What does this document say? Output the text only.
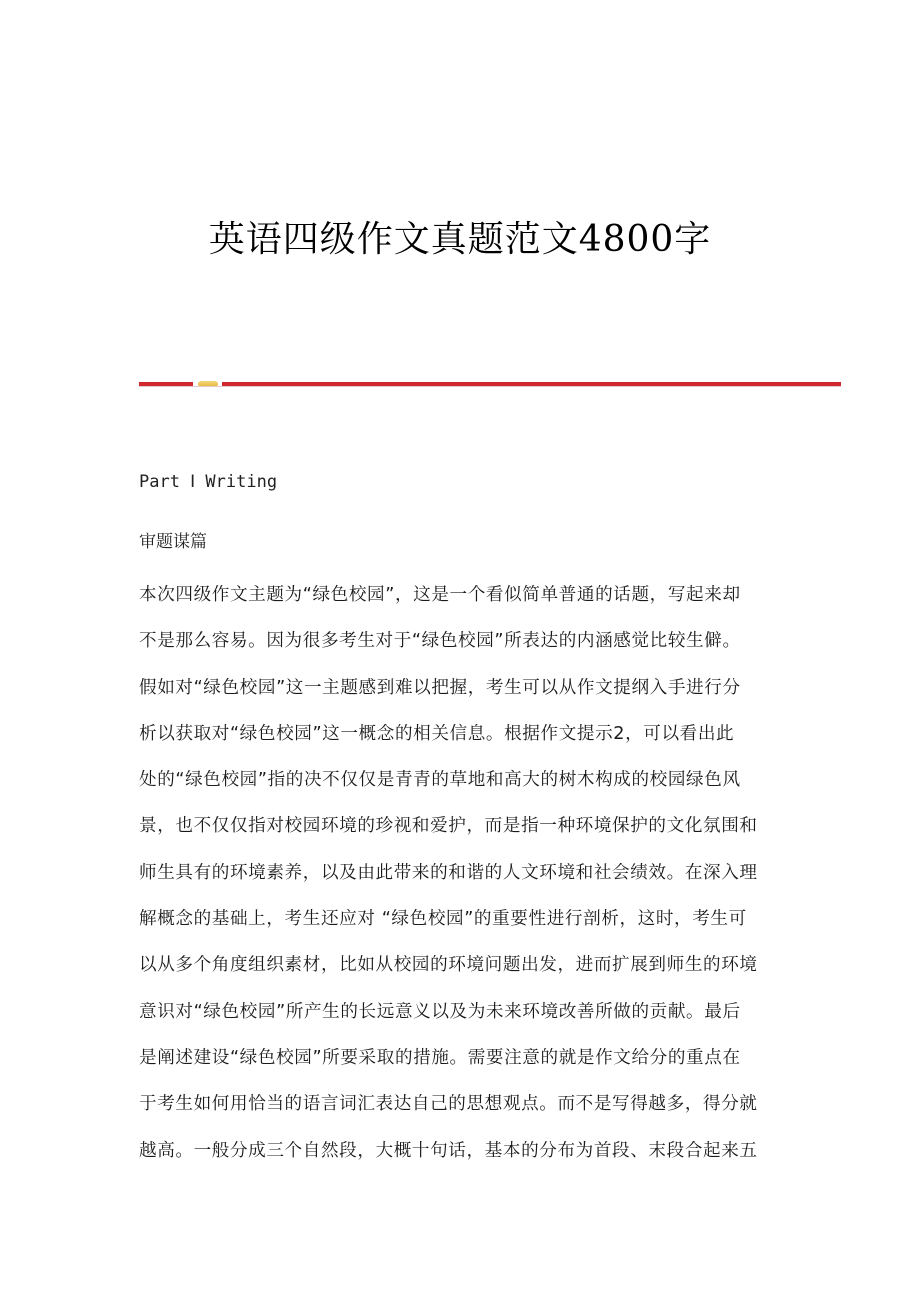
英语四级作文真题范文4800字
Part Ⅰ Writing
审题谋篇
本次四级作文主题为“绿色校园”，这是一个看似简单普通的话题，写起来却
不是那么容易。因为很多考生对于“绿色校园”所表达的内涵感觉比较生僻。
假如对“绿色校园”这一主题感到难以把握，考生可以从作文提纲入手进行分
析以获取对“绿色校园”这一概念的相关信息。根据作文提示2，可以看出此
处的“绿色校园”指的决不仅仅是青青的草地和高大的树木构成的校园绿色风
景，也不仅仅指对校园环境的珍视和爱护，而是指一种环境保护的文化氛围和
师生具有的环境素养，以及由此带来的和谐的人文环境和社会绩效。在深入理
解概念的基础上，考生还应对 “绿色校园”的重要性进行剖析，这时，考生可
以从多个角度组织素材，比如从校园的环境问题出发，进而扩展到师生的环境
意识对“绿色校园”所产生的长远意义以及为未来环境改善所做的贡献。最后
是阐述建设“绿色校园”所要采取的措施。需要注意的就是作文给分的重点在
于考生如何用恰当的语言词汇表达自己的思想观点。而不是写得越多，得分就
越高。一般分成三个自然段，大概十句话，基本的分布为首段、末段合起来五
